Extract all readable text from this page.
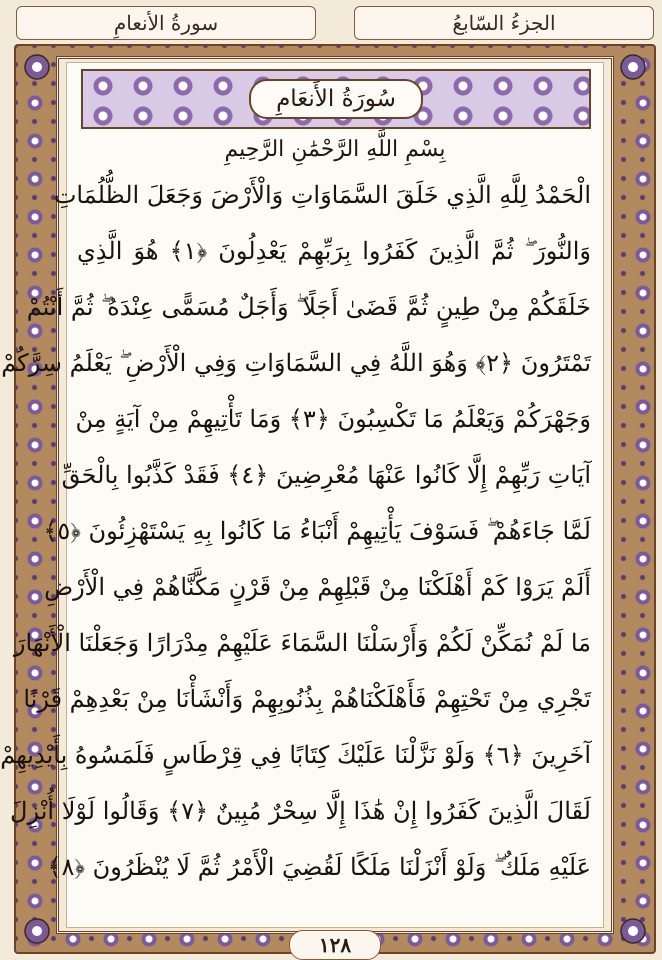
الجزءُ السّابعُ
سورةُ الأنعامِ
سُورَةُ الأَنعَامِ
بِسْمِ اللَّهِ الرَّحْمَٰنِ الرَّحِيمِ
الْحَمْدُ لِلَّهِ الَّذِي خَلَقَ السَّمَاوَاتِ وَالْأَرْضَ وَجَعَلَ الظُّلُمَاتِ
وَالنُّورَ ۖ ثُمَّ الَّذِينَ كَفَرُوا بِرَبِّهِمْ يَعْدِلُونَ ﴿١﴾ هُوَ الَّذِي
خَلَقَكُمْ مِنْ طِينٍ ثُمَّ قَضَىٰ أَجَلًا ۖ وَأَجَلٌ مُسَمًّى عِنْدَهُ ۖ ثُمَّ أَنْتُمْ
تَمْتَرُونَ ﴿٢﴾ وَهُوَ اللَّهُ فِي السَّمَاوَاتِ وَفِي الْأَرْضِ ۖ يَعْلَمُ سِرَّكُمْ
وَجَهْرَكُمْ وَيَعْلَمُ مَا تَكْسِبُونَ ﴿٣﴾ وَمَا تَأْتِيهِمْ مِنْ آيَةٍ مِنْ
آيَاتِ رَبِّهِمْ إِلَّا كَانُوا عَنْهَا مُعْرِضِينَ ﴿٤﴾ فَقَدْ كَذَّبُوا بِالْحَقِّ
لَمَّا جَاءَهُمْ ۖ فَسَوْفَ يَأْتِيهِمْ أَنْبَاءُ مَا كَانُوا بِهِ يَسْتَهْزِئُونَ ﴿٥﴾
أَلَمْ يَرَوْا كَمْ أَهْلَكْنَا مِنْ قَبْلِهِمْ مِنْ قَرْنٍ مَكَّنَّاهُمْ فِي الْأَرْضِ
مَا لَمْ نُمَكِّنْ لَكُمْ وَأَرْسَلْنَا السَّمَاءَ عَلَيْهِمْ مِدْرَارًا وَجَعَلْنَا الْأَنْهَارَ
تَجْرِي مِنْ تَحْتِهِمْ فَأَهْلَكْنَاهُمْ بِذُنُوبِهِمْ وَأَنْشَأْنَا مِنْ بَعْدِهِمْ قَرْنًا
آخَرِينَ ﴿٦﴾ وَلَوْ نَزَّلْنَا عَلَيْكَ كِتَابًا فِي قِرْطَاسٍ فَلَمَسُوهُ بِأَيْدِيهِمْ
لَقَالَ الَّذِينَ كَفَرُوا إِنْ هَٰذَا إِلَّا سِحْرٌ مُبِينٌ ﴿٧﴾ وَقَالُوا لَوْلَا أُنْزِلَ
عَلَيْهِ مَلَكٌ ۖ وَلَوْ أَنْزَلْنَا مَلَكًا لَقُضِيَ الْأَمْرُ ثُمَّ لَا يُنْظَرُونَ ﴿٨﴾
١٢٨
